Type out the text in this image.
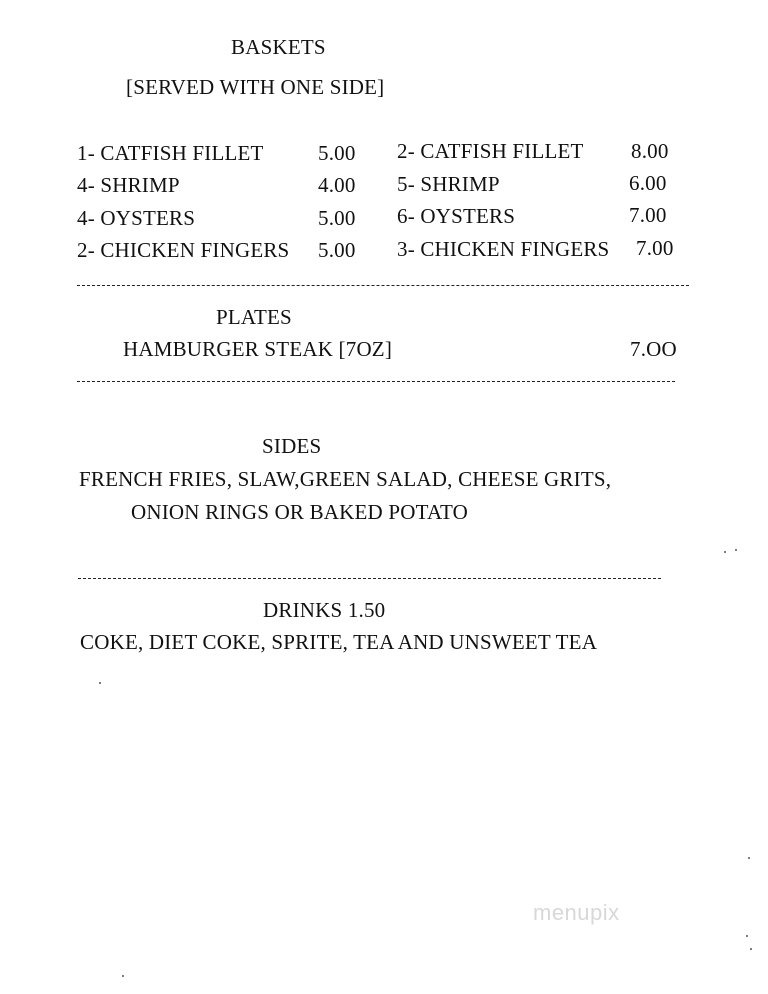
BASKETS
[SERVED WITH ONE SIDE]
1- CATFISH FILLET	5.00
4- SHRIMP	4.00
4- OYSTERS	5.00
2- CHICKEN FINGERS 5.00
2- CATFISH FILLET 8.00
5- SHRIMP	6.00
6- OYSTERS	7.00
3- CHICKEN FINGERS 7.00
PLATES
HAMBURGER STEAK [7OZ]	7.OO
SIDES
FRENCH FRIES, SLAW,GREEN SALAD, CHEESE GRITS,
ONION RINGS OR BAKED POTATO
DRINKS 1.50
COKE, DIET COKE, SPRITE, TEA AND UNSWEET TEA
menupix
